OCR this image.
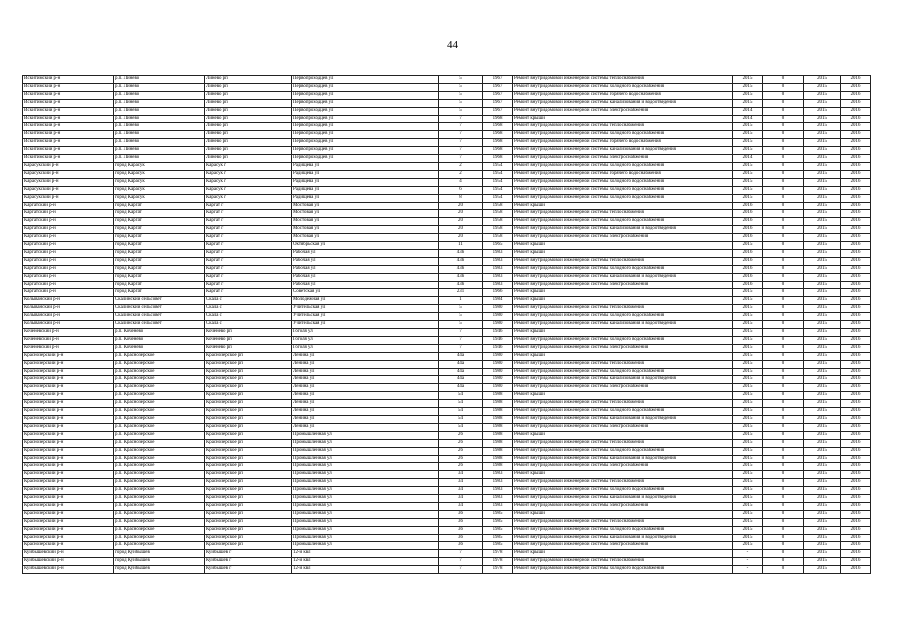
44
Искитимский р-н	р.п. Линево	Линево рп	Первопроходцев ул	5	1967	Ремонт внутридомовой инженерной системы теплоснабжения	2015	0	2015	2016
Искитимский р-н	р.п. Линево	Линево рп	Первопроходцев ул	5	1967	Ремонт внутридомовой инженерной системы холодного водоснабжения	2015	0	2015	2016
Искитимский р-н	р.п. Линево	Линево рп	Первопроходцев ул	5	1967	Ремонт внутридомовой инженерной системы горячего водоснабжения	2015	0	2015	2016
Искитимский р-н	р.п. Линево	Линево рп	Первопроходцев ул	5	1967	Ремонт внутридомовой инженерной системы канализования и водоотведения	2015	0	2015	2016
Искитимский р-н	р.п. Линево	Линево рп	Первопроходцев ул	5	1967	Ремонт внутридомовой инженерной системы электроснабжения	2014	0	2015	2016
Искитимский р-н	р.п. Линево	Линево рп	Первопроходцев ул	7	1968	Ремонт крыши	2014	0	2015	2016
Искитимский р-н	р.п. Линево	Линево рп	Первопроходцев ул	7	1968	Ремонт внутридомовой инженерной системы теплоснабжения	2015	0	2015	2016
Искитимский р-н	р.п. Линево	Линево рп	Первопроходцев ул	7	1968	Ремонт внутридомовой инженерной системы холодного водоснабжения	2015	0	2015	2016
Искитимский р-н	р.п. Линево	Линево рп	Первопроходцев ул	7	1968	Ремонт внутридомовой инженерной системы горячего водоснабжения	2015	0	2015	2016
Искитимский р-н	р.п. Линево	Линево рп	Первопроходцев ул	7	1968	Ремонт внутридомовой инженерной системы канализования и водоотведения	2015	0	2015	2016
Искитимский р-н	р.п. Линево	Линево рп	Первопроходцев ул	7	1968	Ремонт внутридомовой инженерной системы электроснабжения	2014	0	2015	2016
Карасукский р-н	город Карасук	Карасук г	Радищева ул	2	1954	Ремонт внутридомовой инженерной системы холодного водоснабжения	2015	0	2015	2016
Карасукский р-н	город Карасук	Карасук г	Радищева ул	2	1954	Ремонт внутридомовой инженерной системы горячего водоснабжения	2015	0	2015	2016
Карасукский р-н	город Карасук	Карасук г	Радищева ул	4	1954	Ремонт внутридомовой инженерной системы холодного водоснабжения	2015	0	2015	2016
Карасукский р-н	город Карасук	Карасук г	Радищева ул	6	1954	Ремонт внутридомовой инженерной системы холодного водоснабжения	2015	0	2015	2016
Карасукский р-н	город Карасук	Карасук г	Радищева ул	8	1954	Ремонт внутридомовой инженерной системы холодного водоснабжения	2015	0	2015	2016
Каргатский р-н	город Каргат	Каргат г	Мостовая ул	20	1958	Ремонт крыши	2016	0	2015	2016
Каргатский р-н	город Каргат	Каргат г	Мостовая ул	20	1958	Ремонт внутридомовой инженерной системы теплоснабжения	2016	0	2015	2016
Каргатский р-н	город Каргат	Каргат г	Мостовая ул	20	1958	Ремонт внутридомовой инженерной системы холодного водоснабжения	2016	0	2015	2016
Каргатский р-н	город Каргат	Каргат г	Мостовая ул	20	1958	Ремонт внутридомовой инженерной системы канализования и водоотведения	2016	0	2015	2016
Каргатский р-н	город Каргат	Каргат г	Мостовая ул	20	1958	Ремонт внутридомовой инженерной системы электроснабжения	2016	0	2015	2016
Каргатский р-н	город Каргат	Каргат г	Октябрьская ул	11	1965	Ремонт крыши	2015	0	2015	2016
Каргатский р-н	город Каргат	Каргат г	Рабочая ул	43б	1983	Ремонт крыши	2016	0	2015	2016
Каргатский р-н	город Каргат	Каргат г	Рабочая ул	43б	1983	Ремонт внутридомовой инженерной системы теплоснабжения	2016	0	2015	2016
Каргатский р-н	город Каргат	Каргат г	Рабочая ул	43б	1983	Ремонт внутридомовой инженерной системы холодного водоснабжения	2016	0	2015	2016
Каргатский р-н	город Каргат	Каргат г	Рабочая ул	43б	1983	Ремонт внутридомовой инженерной системы канализования и водоотведения	2016	0	2015	2016
Каргатский р-н	город Каргат	Каргат г	Рабочая ул	43б	1983	Ремонт внутридомовой инженерной системы электроснабжения	2016	0	2015	2016
Каргатский р-н	город Каргат	Каргат г	Советская ул	231	1966	Ремонт крыши	2015	0	2015	2016
Колыванский р-н	Скалинский сельсовет	Скала с	Молодежная ул	1	1984	Ремонт крыши	2015	0	2015	2016
Колыванский р-н	Скалинский сельсовет	Скала с	Учительская ул	5	1980	Ремонт внутридомовой инженерной системы теплоснабжения	2015	0	2015	2016
Колыванский р-н	Скалинский сельсовет	Скала с	Учительская ул	5	1980	Ремонт внутридомовой инженерной системы холодного водоснабжения	2015	0	2015	2016
Колыванский р-н	Скалинский сельсовет	Скала с	Учительская ул	5	1980	Ремонт внутридомовой инженерной системы канализования и водоотведения	2015	0	2015	2016
Коченевский р-н	р.п. Коченево	Коченево рп	Гоголя ул	7	1946	Ремонт крыши	2015	0	2015	2016
Коченевский р-н	р.п. Коченево	Коченево рп	Гоголя ул	7	1946	Ремонт внутридомовой инженерной системы холодного водоснабжения	2015	0	2015	2016
Коченевский р-н	р.п. Коченево	Коченево рп	Гоголя ул	7	1946	Ремонт внутридомовой инженерной системы электроснабжения	2015	0	2015	2016
Краснозерский р-н	р.п. Краснозерское	Краснозерское рп	Ленина ул	44а	1980	Ремонт крыши	2015	0	2015	2016
Краснозерский р-н	р.п. Краснозерское	Краснозерское рп	Ленина ул	44а	1980	Ремонт внутридомовой инженерной системы теплоснабжения	2015	0	2015	2016
Краснозерский р-н	р.п. Краснозерское	Краснозерское рп	Ленина ул	44а	1980	Ремонт внутридомовой инженерной системы холодного водоснабжения	2015	0	2015	2016
Краснозерский р-н	р.п. Краснозерское	Краснозерское рп	Ленина ул	44а	1980	Ремонт внутридомовой инженерной системы канализования и водоотведения	2015	0	2015	2016
Краснозерский р-н	р.п. Краснозерское	Краснозерское рп	Ленина ул	44а	1980	Ремонт внутридомовой инженерной системы электроснабжения	2015	0	2015	2016
Краснозерский р-н	р.п. Краснозерское	Краснозерское рп	Ленина ул	54	1988	Ремонт крыши	2015	0	2015	2016
Краснозерский р-н	р.п. Краснозерское	Краснозерское рп	Ленина ул	54	1988	Ремонт внутридомовой инженерной системы теплоснабжения	2015	0	2015	2016
Краснозерский р-н	р.п. Краснозерское	Краснозерское рп	Ленина ул	54	1988	Ремонт внутридомовой инженерной системы холодного водоснабжения	2015	0	2015	2016
Краснозерский р-н	р.п. Краснозерское	Краснозерское рп	Ленина ул	54	1988	Ремонт внутридомовой инженерной системы канализования и водоотведения	2015	0	2015	2016
Краснозерский р-н	р.п. Краснозерское	Краснозерское рп	Ленина ул	54	1988	Ремонт внутридомовой инженерной системы электроснабжения	2015	0	2015	2016
Краснозерский р-н	р.п. Краснозерское	Краснозерское рп	Промышленная ул	26	1988	Ремонт крыши	2015	0	2015	2016
Краснозерский р-н	р.п. Краснозерское	Краснозерское рп	Промышленная ул	26	1988	Ремонт внутридомовой инженерной системы теплоснабжения	2015	0	2015	2016
Краснозерский р-н	р.п. Краснозерское	Краснозерское рп	Промышленная ул	26	1988	Ремонт внутридомовой инженерной системы холодного водоснабжения	2015	0	2015	2016
Краснозерский р-н	р.п. Краснозерское	Краснозерское рп	Промышленная ул	26	1988	Ремонт внутридомовой инженерной системы канализования и водоотведения	2015	0	2015	2016
Краснозерский р-н	р.п. Краснозерское	Краснозерское рп	Промышленная ул	26	1988	Ремонт внутридомовой инженерной системы электроснабжения	2015	0	2015	2016
Краснозерский р-н	р.п. Краснозерское	Краснозерское рп	Промышленная ул	34	1983	Ремонт крыши	2015	0	2015	2016
Краснозерский р-н	р.п. Краснозерское	Краснозерское рп	Промышленная ул	34	1983	Ремонт внутридомовой инженерной системы теплоснабжения	2015	0	2015	2016
Краснозерский р-н	р.п. Краснозерское	Краснозерское рп	Промышленная ул	34	1983	Ремонт внутридомовой инженерной системы холодного водоснабжения	2015	0	2015	2016
Краснозерский р-н	р.п. Краснозерское	Краснозерское рп	Промышленная ул	34	1983	Ремонт внутридомовой инженерной системы канализования и водоотведения	2015	0	2015	2016
Краснозерский р-н	р.п. Краснозерское	Краснозерское рп	Промышленная ул	34	1983	Ремонт внутридомовой инженерной системы электроснабжения	2015	0	2015	2016
Краснозерский р-н	р.п. Краснозерское	Краснозерское рп	Промышленная ул	36	1985	Ремонт крыши	2015	0	2015	2016
Краснозерский р-н	р.п. Краснозерское	Краснозерское рп	Промышленная ул	36	1985	Ремонт внутридомовой инженерной системы теплоснабжения	2015	0	2015	2016
Краснозерский р-н	р.п. Краснозерское	Краснозерское рп	Промышленная ул	36	1985	Ремонт внутридомовой инженерной системы холодного водоснабжения	2015	0	2015	2016
Краснозерский р-н	р.п. Краснозерское	Краснозерское рп	Промышленная ул	36	1985	Ремонт внутридомовой инженерной системы канализования и водоотведения	2015	0	2015	2016
Краснозерский р-н	р.п. Краснозерское	Краснозерское рп	Промышленная ул	36	1985	Ремонт внутридомовой инженерной системы электроснабжения	2015	0	2015	2016
Куйбышевский р-н	город Куйбышев	Куйбышев г	12-й квл	7	1978	Ремонт крыши	-	0	2015	2016
Куйбышевский р-н	город Куйбышев	Куйбышев г	12-й квл	7	1978	Ремонт внутридомовой инженерной системы теплоснабжения	-	0	2015	2016
Куйбышевский р-н	город Куйбышев	Куйбышев г	12-й квл	7	1978	Ремонт внутридомовой инженерной системы холодного водоснабжения	-	0	2015	2016
